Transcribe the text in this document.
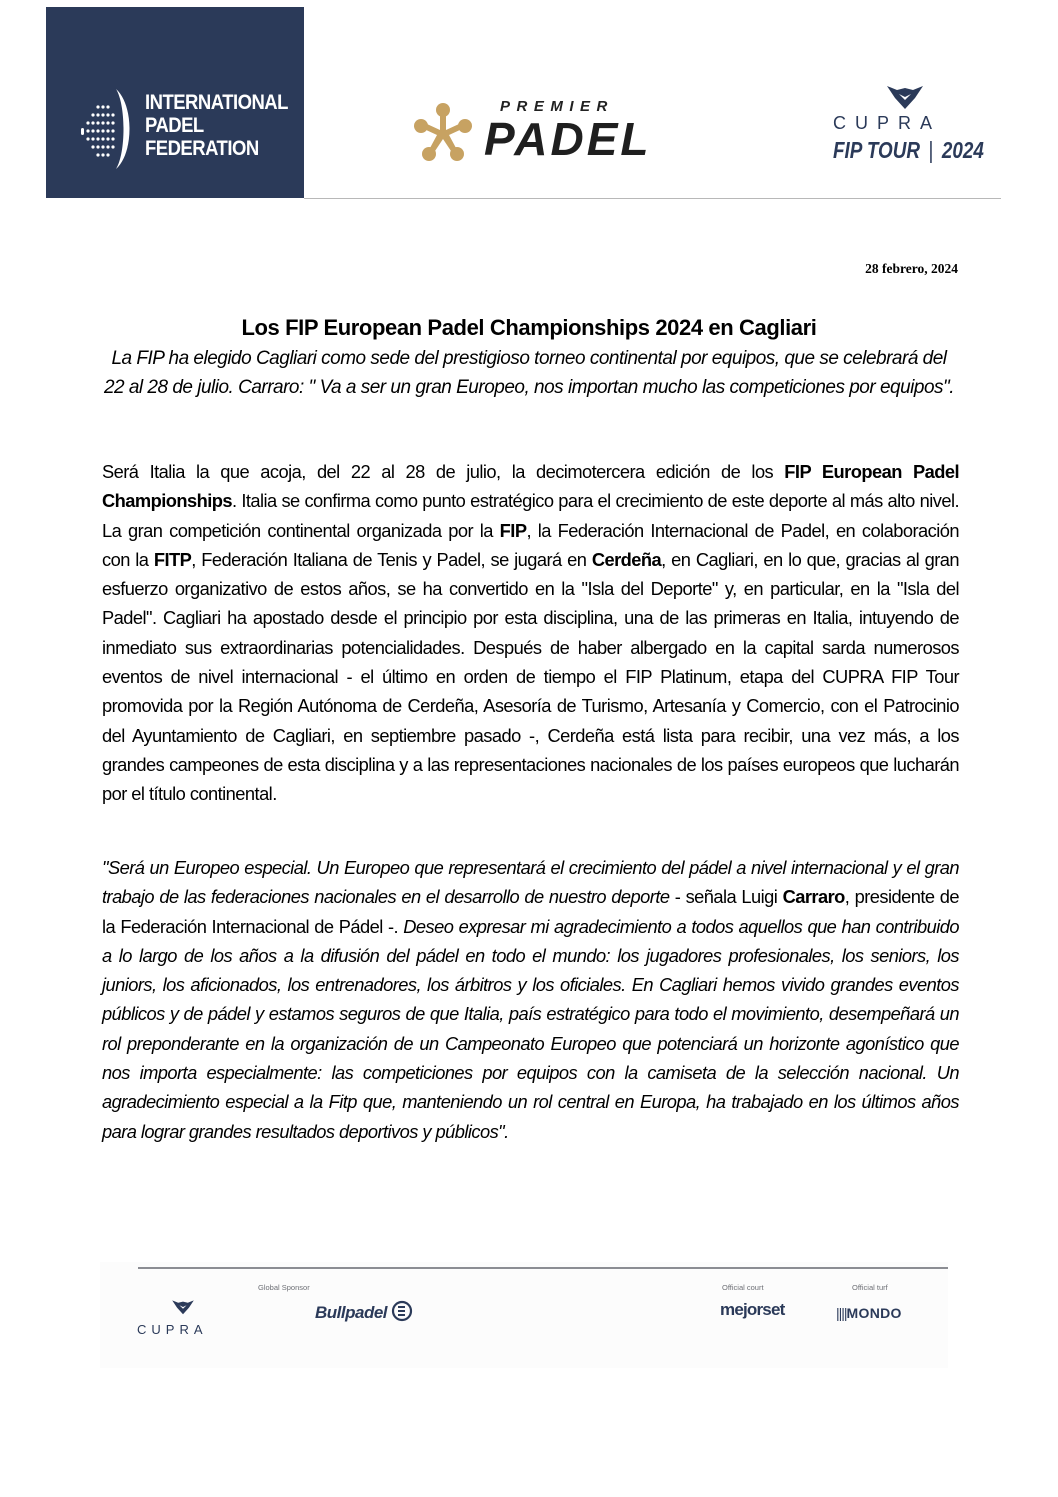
INTERNATIONAL
PADEL
FEDERATION
PREMIER
PADEL	CUPRA
FIP TOUR | 2024
28 febrero, 2024
Los FIP European Padel Championships 2024 en Cagliari
La FIP ha elegido Cagliari como sede del prestigioso torneo continental por equipos, que se celebrará del 22 al 28 de julio. Carraro: " Va a ser un gran Europeo, nos importan mucho las competiciones por equipos".
Será Italia la que acoja, del 22 al 28 de julio, la decimotercera edición de los FIP European Padel Championships. Italia se confirma como punto estratégico para el crecimiento de este deporte al más alto nivel. La gran competición continental organizada por la FIP, la Federación Internacional de Padel, en colaboración con la FITP, Federación Italiana de Tenis y Padel, se jugará en Cerdeña, en Cagliari, en lo que, gracias al gran esfuerzo organizativo de estos años, se ha convertido en la "Isla del Deporte" y, en particular, en la "Isla del Padel". Cagliari ha apostado desde el principio por esta disciplina, una de las primeras en Italia, intuyendo de inmediato sus extraordinarias potencialidades. Después de haber albergado en la capital sarda numerosos eventos de nivel internacional - el último en orden de tiempo el FIP Platinum, etapa del CUPRA FIP Tour promovida por la Región Autónoma de Cerdeña, Asesoría de Turismo, Artesanía y Comercio, con el Patrocinio del Ayuntamiento de Cagliari, en septiembre pasado -, Cerdeña está lista para recibir, una vez más, a los grandes campeones de esta disciplina y a las representaciones nacionales de los países europeos que lucharán por el título continental.
"Será un Europeo especial. Un Europeo que representará el crecimiento del pádel a nivel internacional y el gran trabajo de las federaciones nacionales en el desarrollo de nuestro deporte - señala Luigi Carraro, presidente de la Federación Internacional de Pádel -. Deseo expresar mi agradecimiento a todos aquellos que han contribuido a lo largo de los años a la difusión del pádel en todo el mundo: los jugadores profesionales, los seniors, los juniors, los aficionados, los entrenadores, los árbitros y los oficiales. En Cagliari hemos vivido grandes eventos públicos y de pádel y estamos seguros de que Italia, país estratégico para todo el movimiento, desempeñará un rol preponderante en la organización de un Campeonato Europeo que potenciará un horizonte agonístico que nos importa especialmente: las competiciones por equipos con la camiseta de la selección nacional. Un agradecimiento especial a la Fitp que, manteniendo un rol central en Europa, ha trabajado en los últimos años para lograr grandes resultados deportivos y públicos".
CUPRA
Global Sponsor
Bullpadel
Official court
mejorset
Official turf
||||MONDO
